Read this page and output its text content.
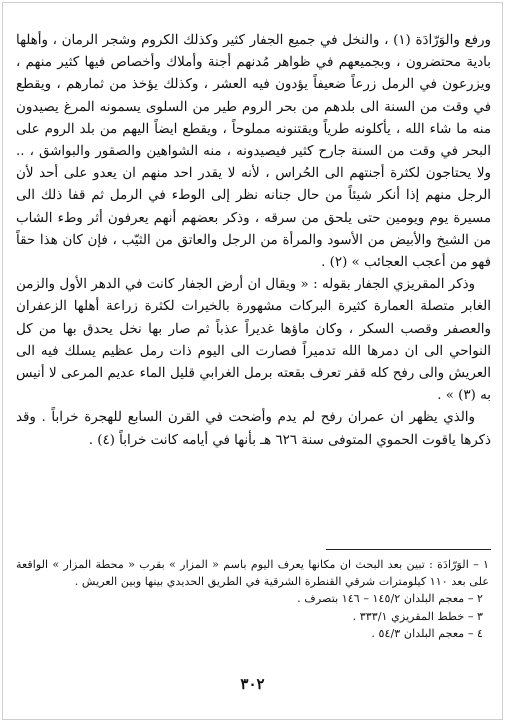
ورفع والوَرّادَة (١) ، والنخل في جميع الجفار كثير وكذلك الكروم وشجر الرمان ، وأهلها بادية محتضرون ، وبجميعهم في ظواهر مُدنهم أجنة وأملاك وأخصاص فيها كثير منهم ، ويزرعون في الرمل زرعاً ضعيفاً يؤدون فيه العشر ، وكذلك يؤخذ من ثمارهم ، ويقطع في وقت من السنة الى بلدهم من بحر الروم طير من السلوى يسمونه المرغ يصيدون منه ما شاء الله ، يأكلونه طرياً ويقتنونه مملوحاً ، ويقطع ايضاً اليهم من بلد الروم على البحر في وقت من السنة جارح كثير فيصيدونه ، منه الشواهين والصقور والبواشق ، .. ولا يحتاجون لكثرة أجنتهم الى الحُراس ، لأنه لا يقدر احد منهم ان يعدو على أحد لأن الرجل منهم إذا أنكر شيئاً من حال جنانه نظر إلى الوطء في الرمل ثم قفا ذلك الى مسيرة يوم ويومين حتى يلحق من سرقه ، وذكر بعضهم أنهم يعرفون أثر وطء الشاب من الشيخ والأبيض من الأسود والمرأة من الرجل والعاتق من الثيّب ، فإن كان هذا حقاً فهو من أعجب العجائب » (٢) .

وذكر المقريزي الجفار بقوله : « ويقال ان أرض الجفار كانت في الدهر الأول والزمن الغابر متصلة العمارة كثيرة البركات مشهورة بالخيرات لكثرة زراعة أهلها الزعفران والعصفر وقصب السكر ، وكان ماؤها غديراً عذباً ثم صار بها نخل يحدق بها من كل النواحي الى ان دمرها الله تدميراً فصارت الى اليوم ذات رمل عظيم يسلك فيه الى العريش والى رفح كله قفر تعرف بقعته برمل الغرابي قليل الماء عديم المرعى لا أنيس به (٣) » .

والذي يظهر ان عمران رفح لم يدم وأضحت في القرن السابع للهجرة خراباً . وقد ذكرها ياقوت الحموي المتوفى سنة ٦٢٦ هـ بأنها في أيامه كانت خراباً (٤) .

١ – الوَرّادَة : تبين بعد البحث ان مكانها يعرف اليوم باسم « المزار » بقرب « محطة المزار » الواقعة على بعد ١١٠ كيلومترات شرقي القنطرة الشرقية في الطريق الحديدي بينها وبين العريش .

٢ – معجم البلدان ١٤٥/٢ – ١٤٦ بتصرف .

٣ – خطط المقريزي ٣٣٣/١ .

٤ – معجم البلدان ٥٤/٣ .

٣٠٢
